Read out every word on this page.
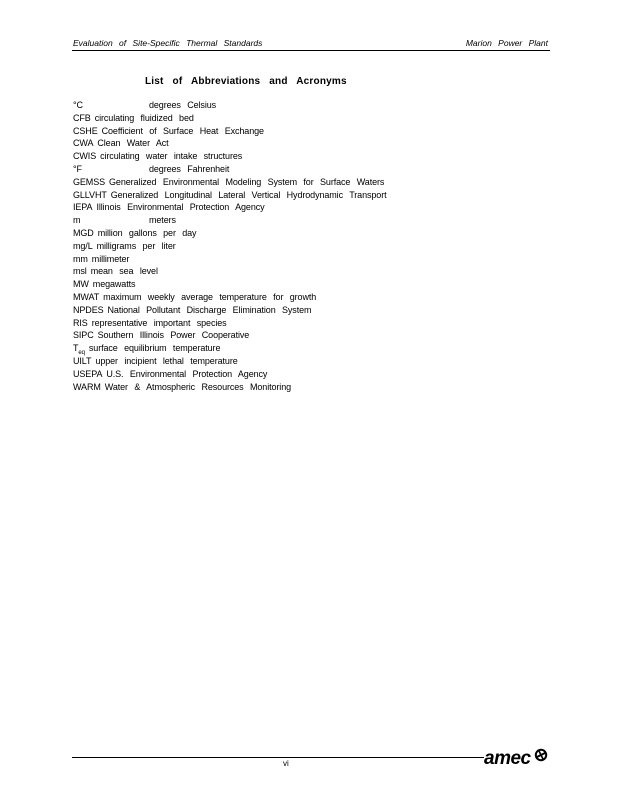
Evaluation of Site-Specific Thermal Standards	Marion Power Plant
List of Abbreviations and Acronyms
°C	degrees Celsius
CFB circulating fluidized bed
CSHE Coefficient of Surface Heat Exchange
CWA Clean Water Act
CWIS circulating water intake structures
°F	degrees Fahrenheit
GEMSS Generalized Environmental Modeling System for Surface Waters
GLLVHT Generalized Longitudinal Lateral Vertical Hydrodynamic Transport
IEPA Illinois Environmental Protection Agency
m	meters
MGD million gallons per day
mg/L milligrams per liter
mm millimeter
msl mean sea level
MW megawatts
MWAT maximum weekly average temperature for growth
NPDES National Pollutant Discharge Elimination System
RIS representative important species
SIPC Southern Illinois Power Cooperative
$T_{eq}$ surface equilibrium temperature
UILT upper incipient lethal temperature
USEPA U.S. Environmental Protection Agency
WARM Water & Atmospheric Resources Monitoring
vi	amec
